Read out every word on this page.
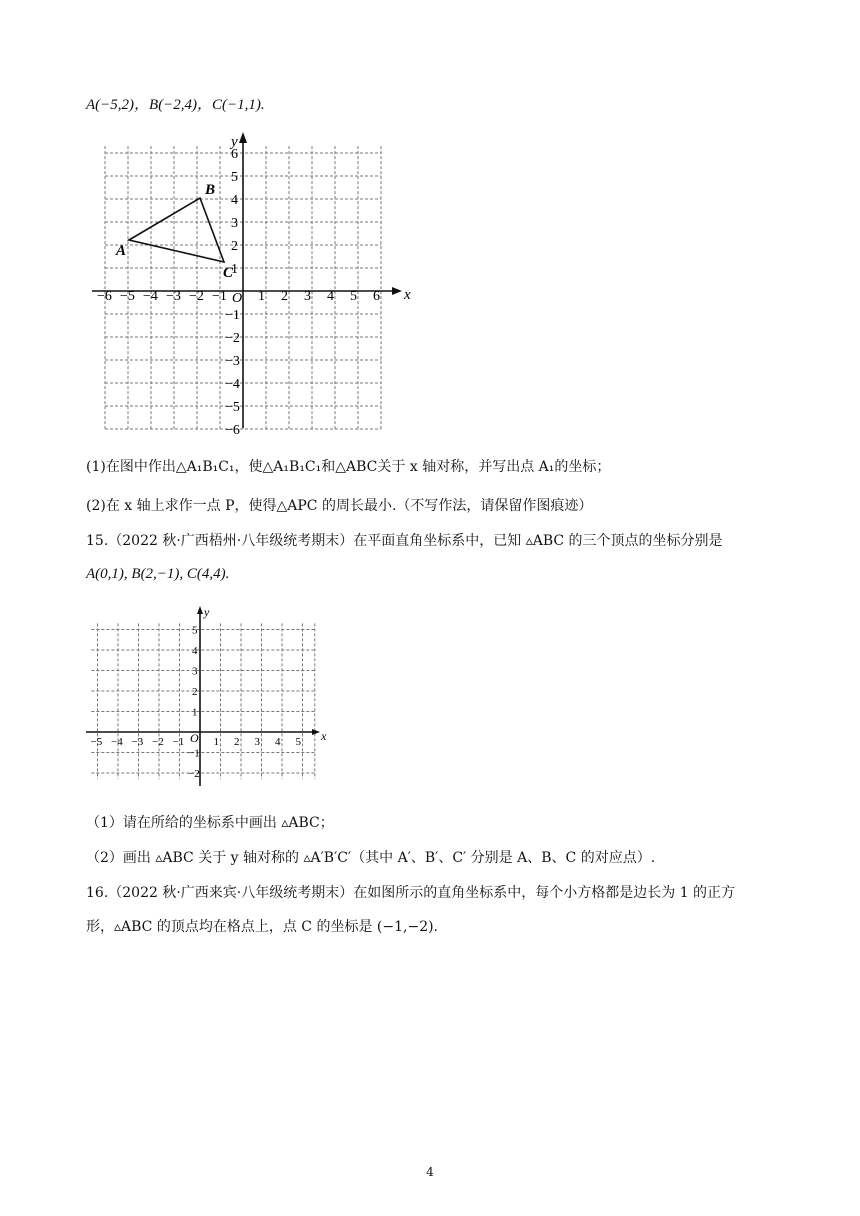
A(−5,2)，B(−2,4)，C(−1,1).
A
B
C
x
y
O
−6 −5 −4 −3 −2 −1 1 2 3 4 5 6
1
2
3
4
5
6
−1
−2
−3
−4
−5
−6
(1)在图中作出△A₁B₁C₁，使△A₁B₁C₁和△ABC关于 x 轴对称，并写出点 A₁的坐标；
(2)在 x 轴上求作一点 P，使得△APC 的周长最小.（不写作法，请保留作图痕迹）
15.（2022 秋·广西梧州·八年级统考期末）在平面直角坐标系中，已知 ▵ABC 的三个顶点的坐标分别是
A(0,1), B(2,−1), C(4,4).
x
y
O
−5 −4 −3 −2 −1	1 2 3 4 5
1
2
3
4
5
−1
−2
（1）请在所给的坐标系中画出 ▵ABC；
（2）画出 ▵ABC 关于 y 轴对称的 ▵A′B′C′（其中 A′、B′、C′ 分别是 A、B、C 的对应点）.
16.（2022 秋·广西来宾·八年级统考期末）在如图所示的直角坐标系中，每个小方格都是边长为 1 的正方
形，▵ABC 的顶点均在格点上，点 C 的坐标是 (−1,−2).
4
